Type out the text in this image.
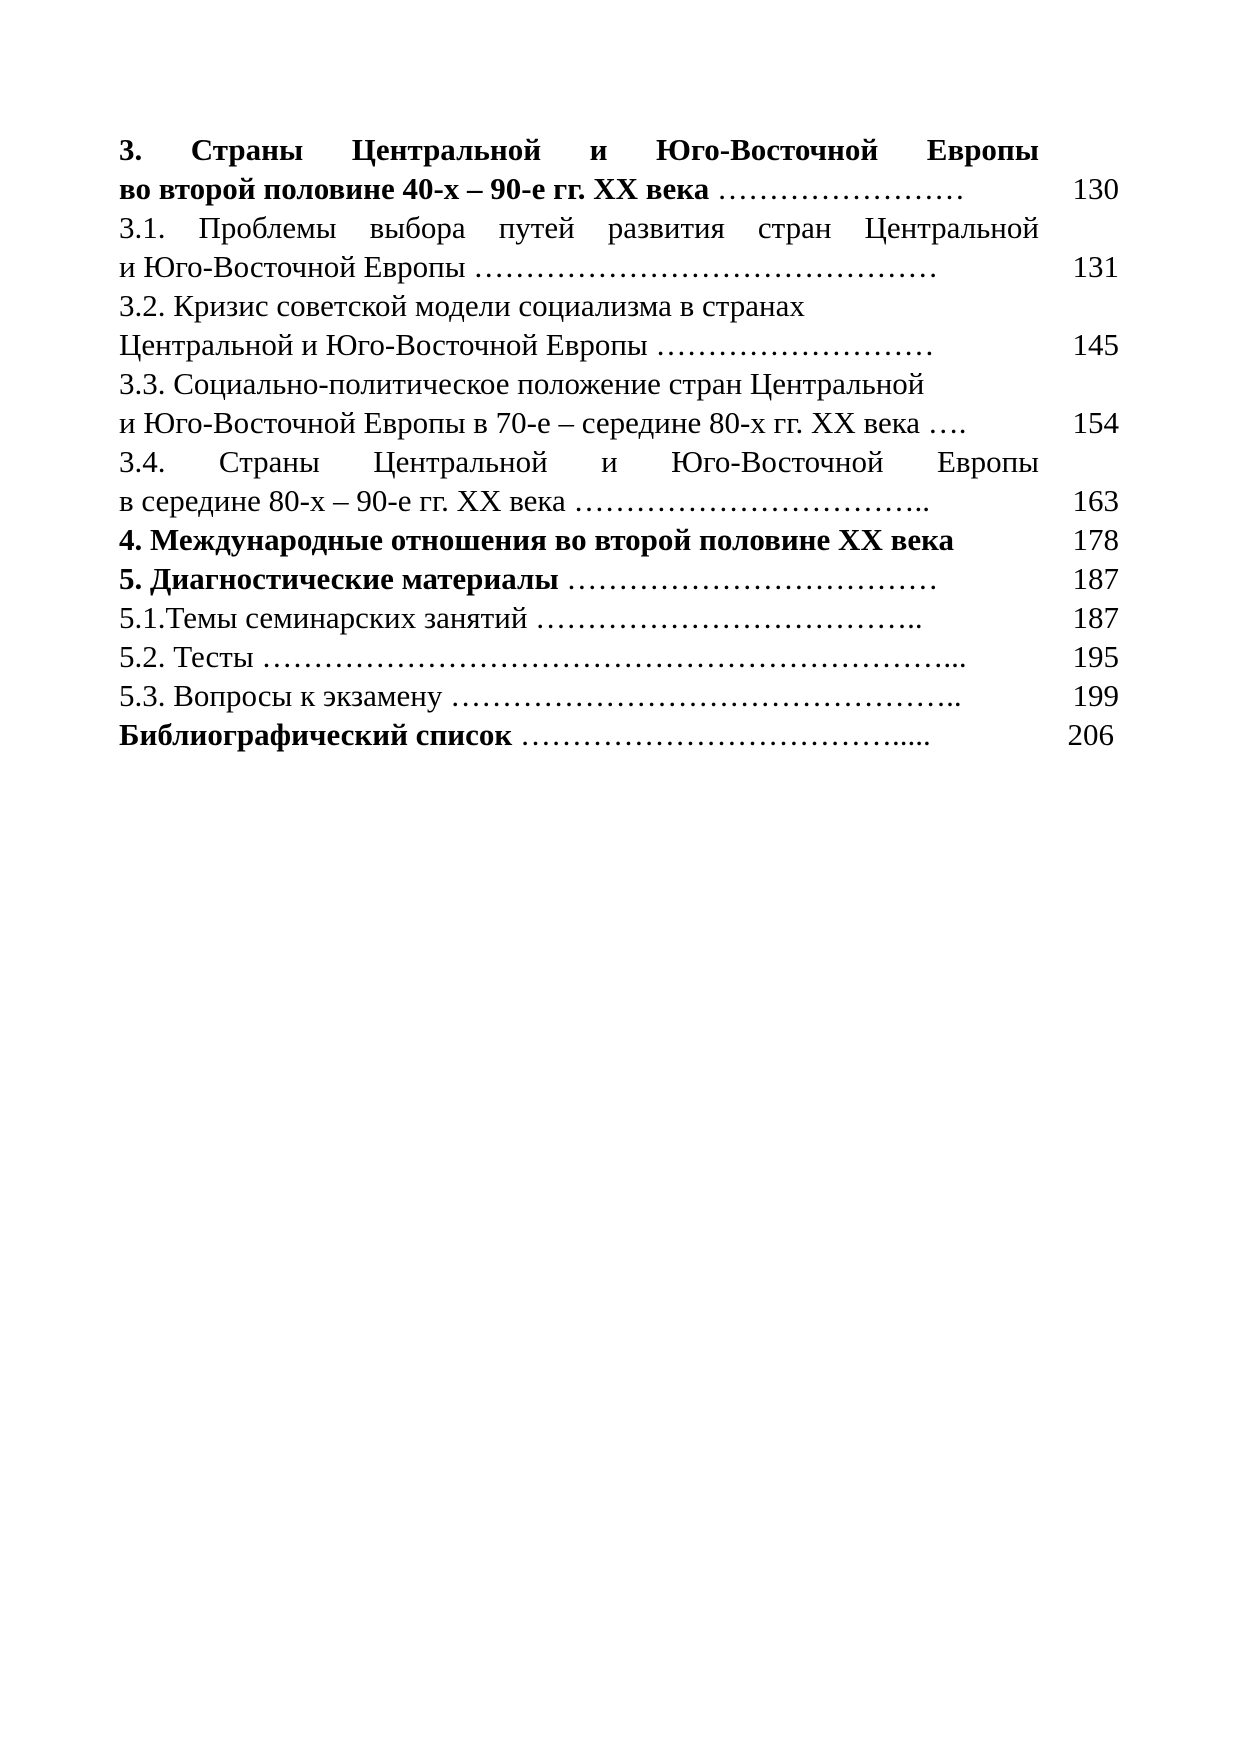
3. Страны Центральной и Юго-Восточной Европы
во второй половине 40-х – 90-е гг. XX века ……………………	130
3.1. Проблемы выбора путей развития стран Центральной
и Юго-Восточной Европы ………………………………………	131
3.2. Кризис советской модели социализма в странах
Центральной и Юго-Восточной Европы ………………………	145
3.3. Социально-политическое положение стран Центральной
и Юго-Восточной Европы в 70-е – середине 80-х гг. XX века ….	154
3.4. Страны Центральной и Юго-Восточной Европы
в середине 80-х – 90-е гг. XX века ……………………………..	163
4. Международные отношения во второй половине XX века	178
5. Диагностические материалы ………………………………	187
5.1.Темы семинарских занятий ………………………………..	187
5.2. Тесты …………………………………………………………...	195
5.3. Вопросы к экзамену …………………………………………..	199
Библиографический список ……………………………….....	206
